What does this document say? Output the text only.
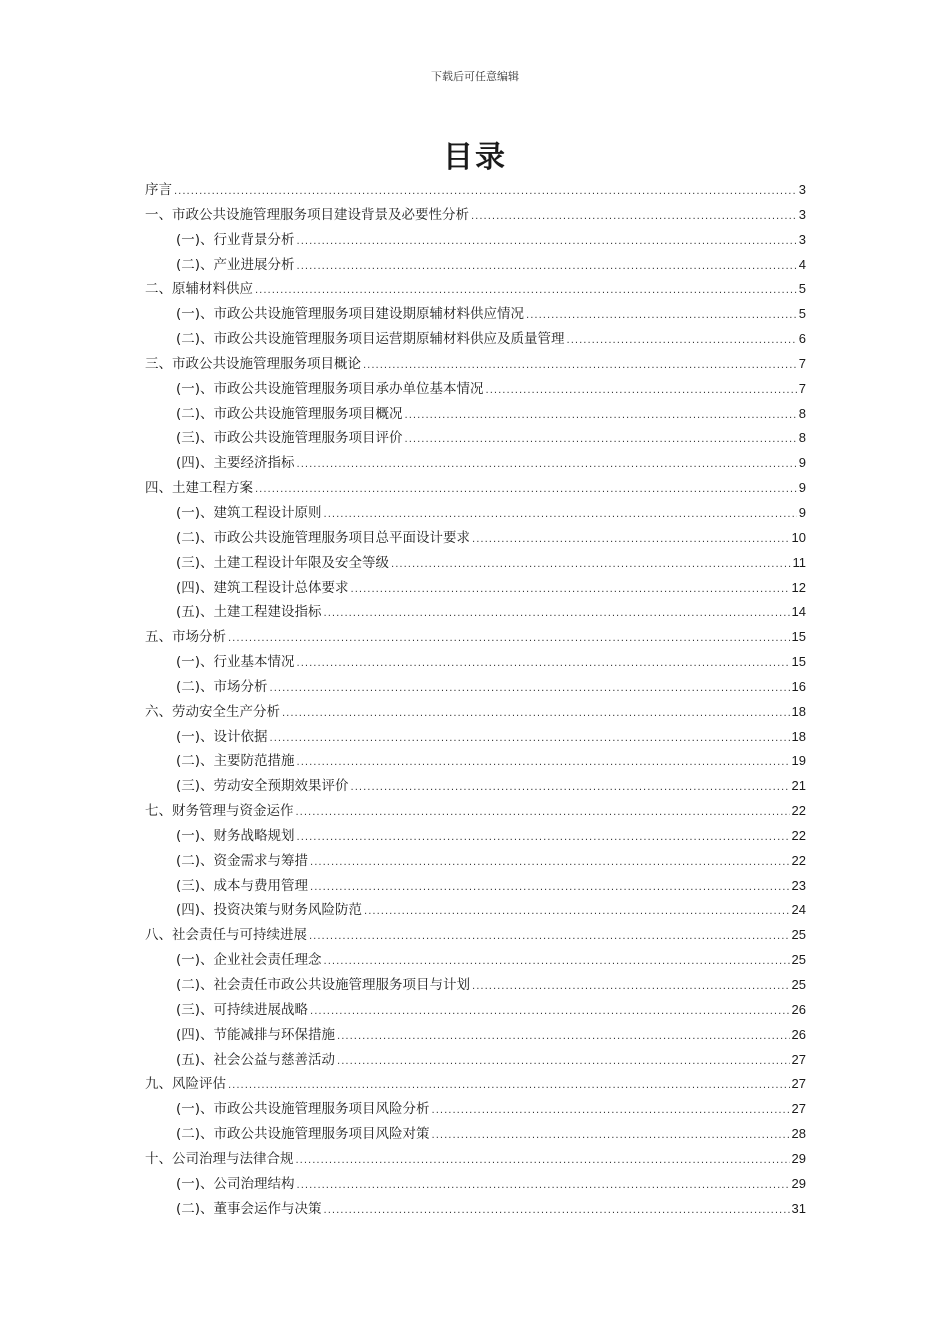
下载后可任意编辑
目录
序言 .....	3
一、市政公共设施管理服务项目建设背景及必要性分析 .....	3
(一)、行业背景分析 .....	3
(二)、产业进展分析 .....	4
二、原辅材料供应 .....	5
(一)、市政公共设施管理服务项目建设期原辅材料供应情况 .....	5
(二)、市政公共设施管理服务项目运营期原辅材料供应及质量管理 .....	6
三、市政公共设施管理服务项目概论 .....	7
(一)、市政公共设施管理服务项目承办单位基本情况 .....	7
(二)、市政公共设施管理服务项目概况 .....	8
(三)、市政公共设施管理服务项目评价 .....	8
(四)、主要经济指标 .....	9
四、土建工程方案 .....	9
(一)、建筑工程设计原则 .....	9
(二)、市政公共设施管理服务项目总平面设计要求 .....	10
(三)、土建工程设计年限及安全等级 .....	11
(四)、建筑工程设计总体要求 .....	12
(五)、土建工程建设指标 .....	14
五、市场分析 .....	15
(一)、行业基本情况 .....	15
(二)、市场分析 .....	16
六、劳动安全生产分析 .....	18
(一)、设计依据 .....	18
(二)、主要防范措施 .....	19
(三)、劳动安全预期效果评价 .....	21
七、财务管理与资金运作 .....	22
(一)、财务战略规划 .....	22
(二)、资金需求与筹措 .....	22
(三)、成本与费用管理 .....	23
(四)、投资决策与财务风险防范 .....	24
八、社会责任与可持续进展 .....	25
(一)、企业社会责任理念 .....	25
(二)、社会责任市政公共设施管理服务项目与计划 .....	25
(三)、可持续进展战略 .....	26
(四)、节能减排与环保措施 .....	26
(五)、社会公益与慈善活动 .....	27
九、风险评估 .....	27
(一)、市政公共设施管理服务项目风险分析 .....	27
(二)、市政公共设施管理服务项目风险对策 .....	28
十、公司治理与法律合规 .....	29
(一)、公司治理结构 .....	29
(二)、董事会运作与决策 .....	31
